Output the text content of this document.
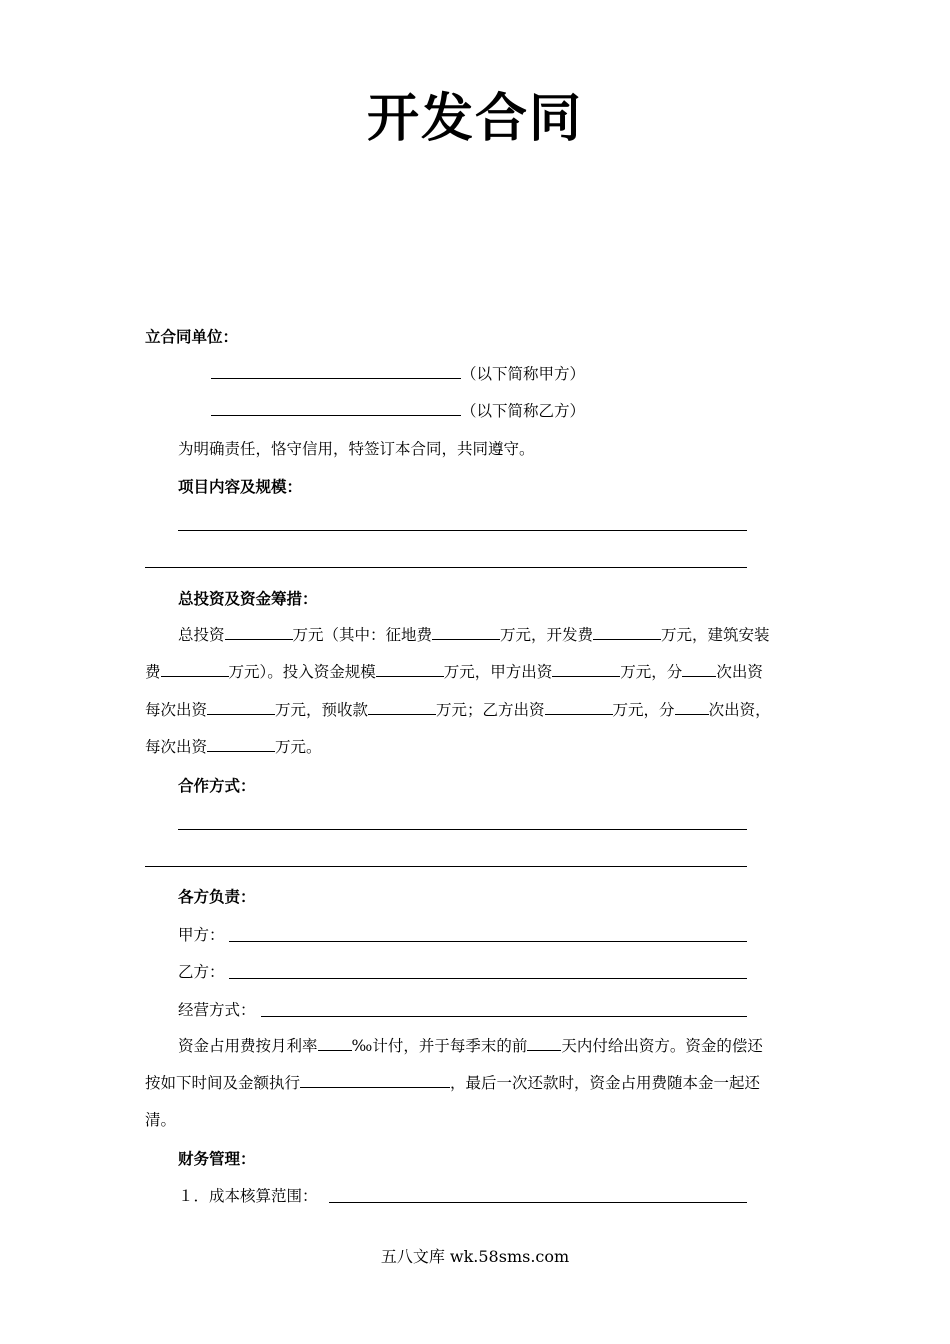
开发合同
立合同单位：
（以下简称甲方）
（以下简称乙方）
为明确责任，恪守信用，特签订本合同，共同遵守。
项目内容及规模：
总投资及资金筹措：
总投资	万元（其中：征地费	万元，开发费	万元，建筑安装
费	万元）。投入资金规模	万元，甲方出资	万元，分 次出资
每次出资	万元，预收款	万元；乙方出资	万元，分 次出资，
每次出资	万元。
合作方式：
各方负责：
甲方：
乙方：
经营方式：
资金占用费按月利率 ‰计付，并于每季末的前 天内付给出资方。资金的偿还
按如下时间及金额执行	，最后一次还款时，资金占用费随本金一起还
清。
财务管理：
１．成本核算范围：
五八文库 wk.58sms.com
